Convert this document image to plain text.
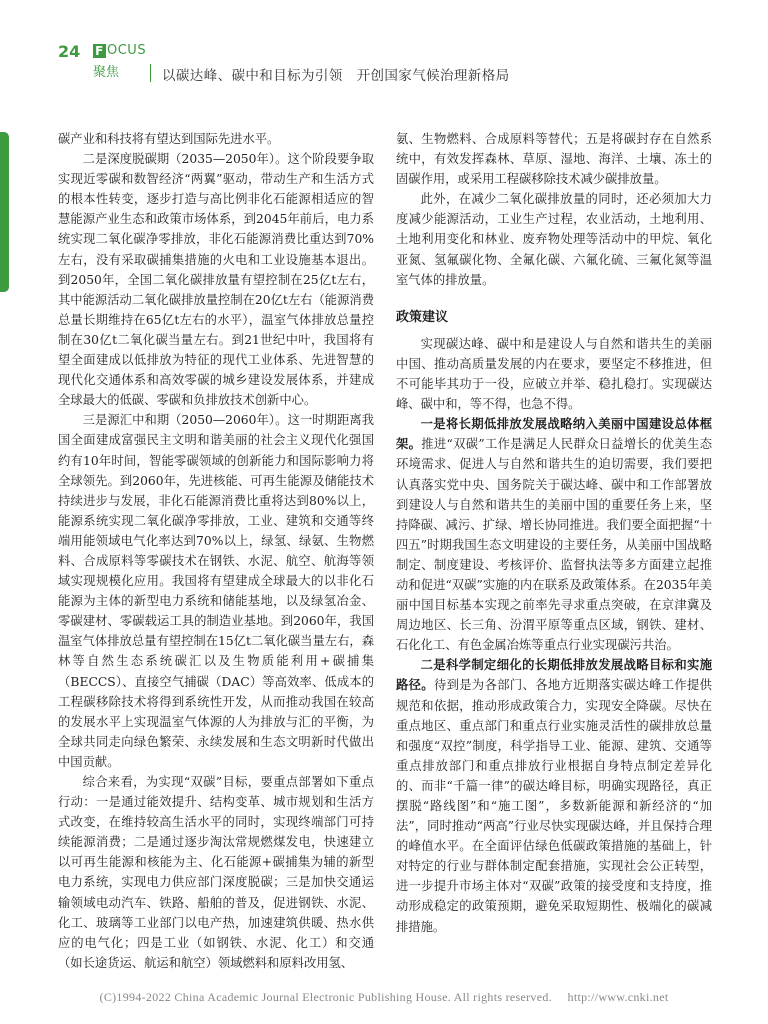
24 F OCUS
聚焦	以碳达峰、碳中和目标为引领　开创国家气候治理新格局

碳产业和科技将有望达到国际先进水平。

二是深度脱碳期（2035—2050年）。这个阶段要争取实现近零碳和数智经济“两翼”驱动，带动生产和生活方式的根本性转变，逐步打造与高比例非化石能源相适应的智慧能源产业生态和政策市场体系，到2045年前后，电力系统实现二氧化碳净零排放，非化石能源消费比重达到70%左右，没有采取碳捕集措施的火电和工业设施基本退出。到2050年，全国二氧化碳排放量有望控制在25亿t左右，其中能源活动二氧化碳排放量控制在20亿t左右（能源消费总量长期维持在65亿t左右的水平），温室气体排放总量控制在30亿t二氧化碳当量左右。到21世纪中叶，我国将有望全面建成以低排放为特征的现代工业体系、先进智慧的现代化交通体系和高效零碳的城乡建设发展体系，并建成全球最大的低碳、零碳和负排放技术创新中心。

三是源汇中和期（2050—2060年）。这一时期距离我国全面建成富强民主文明和谐美丽的社会主义现代化强国约有10年时间，智能零碳领域的创新能力和国际影响力将全球领先。到2060年，先进核能、可再生能源及储能技术持续进步与发展，非化石能源消费比重将达到80%以上，能源系统实现二氧化碳净零排放，工业、建筑和交通等终端用能领域电气化率达到70%以上，绿氢、绿氨、生物燃料、合成原料等零碳技术在钢铁、水泥、航空、航海等领域实现规模化应用。我国将有望建成全球最大的以非化石能源为主体的新型电力系统和储能基地，以及绿氢冶金、零碳建材、零碳载运工具的制造业基地。到2060年，我国温室气体排放总量有望控制在15亿t二氧化碳当量左右，森林等自然生态系统碳汇以及生物质能利用+碳捕集（BECCS）、直接空气捕碳（DAC）等高效率、低成本的工程碳移除技术将得到系统性开发，从而推动我国在较高的发展水平上实现温室气体源的人为排放与汇的平衡，为全球共同走向绿色繁荣、永续发展和生态文明新时代做出中国贡献。

综合来看，为实现“双碳”目标，要重点部署如下重点行动：一是通过能效提升、结构变革、城市规划和生活方式改变，在维持较高生活水平的同时，实现终端部门可持续能源消费；二是通过逐步淘汰常规燃煤发电，快速建立以可再生能源和核能为主、化石能源+碳捕集为辅的新型电力系统，实现电力供应部门深度脱碳；三是加快交通运输领域电动汽车、铁路、船舶的普及，促进钢铁、水泥、化工、玻璃等工业部门以电产热，加速建筑供暖、热水供应的电气化；四是工业（如钢铁、水泥、化工）和交通（如长途货运、航运和航空）领域燃料和原料改用氢、

氨、生物燃料、合成原料等替代；五是将碳封存在自然系统中，有效发挥森林、草原、湿地、海洋、土壤、冻土的固碳作用，或采用工程碳移除技术减少碳排放量。

此外，在减少二氧化碳排放量的同时，还必须加大力度减少能源活动，工业生产过程，农业活动，土地利用、土地利用变化和林业、废弃物处理等活动中的甲烷、氧化亚氮、氢氟碳化物、全氟化碳、六氟化硫、三氟化氮等温室气体的排放量。

政策建议

实现碳达峰、碳中和是建设人与自然和谐共生的美丽中国、推动高质量发展的内在要求，要坚定不移推进，但不可能毕其功于一役，应破立并举、稳扎稳打。实现碳达峰、碳中和，等不得，也急不得。

一是将长期低排放发展战略纳入美丽中国建设总体框架。推进“双碳”工作是满足人民群众日益增长的优美生态环境需求、促进人与自然和谐共生的迫切需要，我们要把认真落实党中央、国务院关于碳达峰、碳中和工作部署放到建设人与自然和谐共生的美丽中国的重要任务上来，坚持降碳、减污、扩绿、增长协同推进。我们要全面把握“十四五”时期我国生态文明建设的主要任务，从美丽中国战略制定、制度建设、考核评价、监督执法等多方面建立起推动和促进“双碳”实施的内在联系及政策体系。在2035年美丽中国目标基本实现之前率先寻求重点突破，在京津冀及周边地区、长三角、汾渭平原等重点区域，钢铁、建材、石化化工、有色金属冶炼等重点行业实现碳污共治。

二是科学制定细化的长期低排放发展战略目标和实施路径。待到是为各部门、各地方近期落实碳达峰工作提供规范和依据，推动形成政策合力，实现安全降碳。尽快在重点地区、重点部门和重点行业实施灵活性的碳排放总量和强度“双控”制度，科学指导工业、能源、建筑、交通等重点排放部门和重点排放行业根据自身特点制定差异化的、而非“千篇一律”的碳达峰目标，明确实现路径，真正摆脱“路线图”和“施工图”，多数新能源和新经济的“加法”，同时推动“两高”行业尽快实现碳达峰，并且保持合理的峰值水平。在全面评估绿色低碳政策措施的基础上，针对特定的行业与群体制定配套措施，实现社会公正转型，进一步提升市场主体对“双碳”政策的接受度和支持度，推动形成稳定的政策预期，避免采取短期性、极端化的碳减排措施。

(C)1994-2022 China Academic Journal Electronic Publishing House. All rights reserved.　 http://www.cnki.net
